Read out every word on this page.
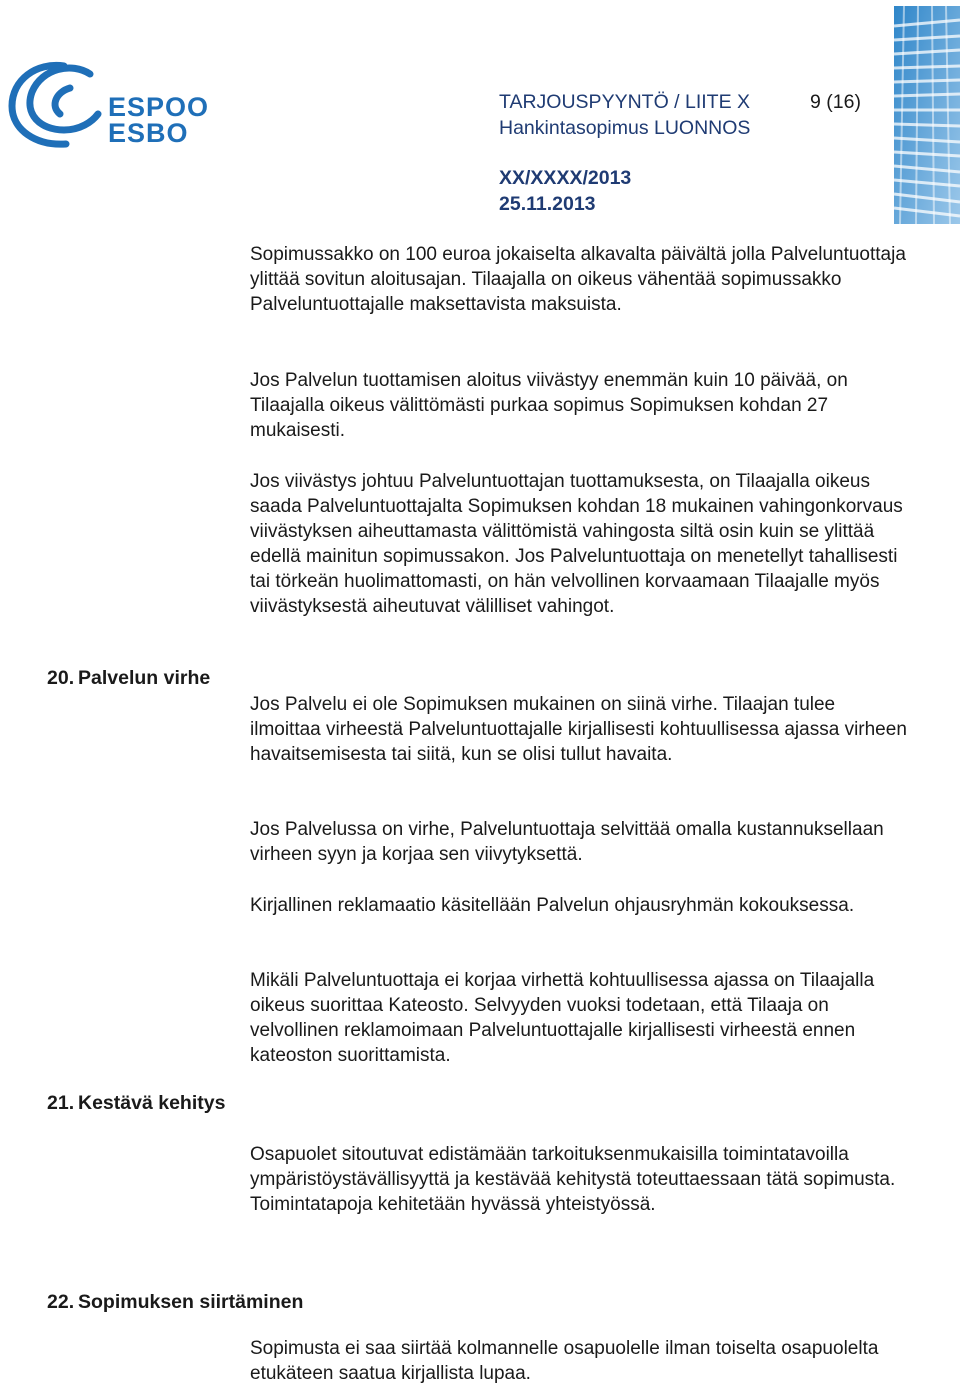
ESPOO
ESBO
TARJOUSPYYNTÖ / LIITE X	9 (16)
Hankintasopimus LUONNOS
XX/XXXX/2013
25.11.2013

Sopimussakko on 100 euroa jokaiselta alkavalta päivältä jolla Palveluntuottaja ylittää sovitun aloitusajan. Tilaajalla on oikeus vähentää sopimussakko Palveluntuottajalle maksettavista maksuista.

Jos Palvelun tuottamisen aloitus viivästyy enemmän kuin 10 päivää, on Tilaajalla oikeus välittömästi purkaa sopimus Sopimuksen kohdan 27 mukaisesti.

Jos viivästys johtuu Palveluntuottajan tuottamuksesta, on Tilaajalla oikeus saada Palveluntuottajalta Sopimuksen kohdan 18 mukainen vahingonkorvaus viivästyksen aiheuttamasta välittömistä vahingosta siltä osin kuin se ylittää edellä mainitun sopimussakon. Jos Palveluntuottaja on menetellyt tahallisesti tai törkeän huolimattomasti, on hän velvollinen korvaamaan Tilaajalle myös viivästyksestä aiheutuvat välilliset vahingot.

20. Palvelun virhe

Jos Palvelu ei ole Sopimuksen mukainen on siinä virhe. Tilaajan tulee ilmoittaa virheestä Palveluntuottajalle kirjallisesti kohtuullisessa ajassa virheen havaitsemisesta tai siitä, kun se olisi tullut havaita.

Jos Palvelussa on virhe, Palveluntuottaja selvittää omalla kustannuksellaan virheen syyn ja korjaa sen viivytyksettä.

Kirjallinen reklamaatio käsitellään Palvelun ohjausryhmän kokouksessa.

Mikäli Palveluntuottaja ei korjaa virhettä kohtuullisessa ajassa on Tilaajalla oikeus suorittaa Kateosto. Selvyyden vuoksi todetaan, että Tilaaja on velvollinen reklamoimaan Palveluntuottajalle kirjallisesti virheestä ennen kateoston suorittamista.

21. Kestävä kehitys

Osapuolet sitoutuvat edistämään tarkoituksenmukaisilla toimintatavoilla ympäristöystävällisyyttä ja kestävää kehitystä toteuttaessaan tätä sopimusta. Toimintatapoja kehitetään hyvässä yhteistyössä.

22. Sopimuksen siirtäminen

Sopimusta ei saa siirtää kolmannelle osapuolelle ilman toiselta osapuolelta etukäteen saatua kirjallista lupaa.
